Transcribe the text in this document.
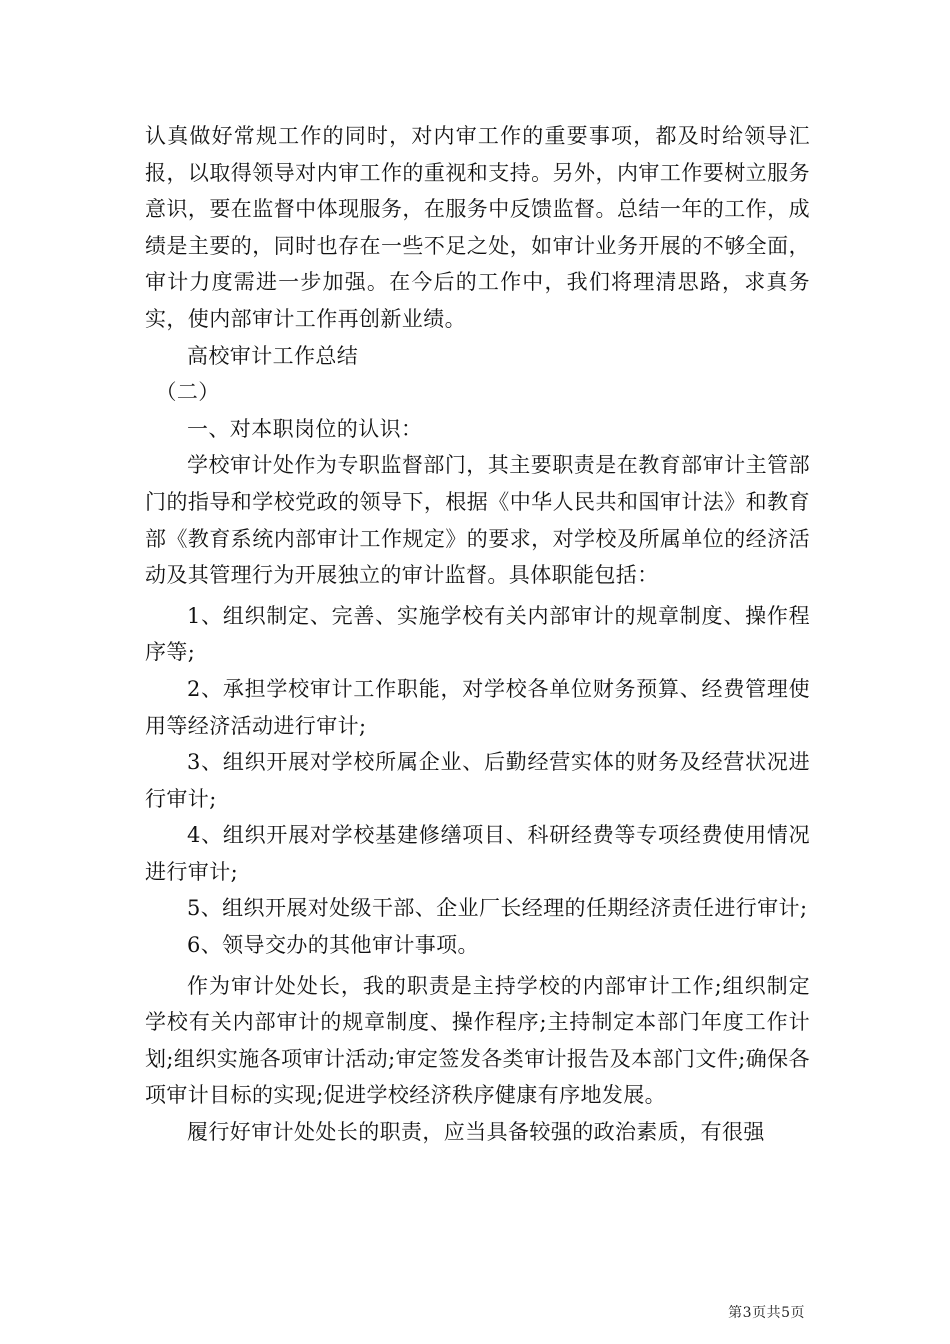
认真做好常规工作的同时，对内审工作的重要事项，都及时给领导汇报，以取得领导对内审工作的重视和支持。另外，内审工作要树立服务意识，要在监督中体现服务，在服务中反馈监督。总结一年的工作，成绩是主要的，同时也存在一些不足之处，如审计业务开展的不够全面，审计力度需进一步加强。在今后的工作中，我们将理清思路，求真务实，使内部审计工作再创新业绩。

高校审计工作总结

（二）

一、对本职岗位的认识：

学校审计处作为专职监督部门，其主要职责是在教育部审计主管部门的指导和学校党政的领导下，根据《中华人民共和国审计法》和教育部《教育系统内部审计工作规定》的要求，对学校及所属单位的经济活动及其管理行为开展独立的审计监督。具体职能包括：

1、组织制定、完善、实施学校有关内部审计的规章制度、操作程序等;

2、承担学校审计工作职能，对学校各单位财务预算、经费管理使用等经济活动进行审计;

3、组织开展对学校所属企业、后勤经营实体的财务及经营状况进行审计;

4、组织开展对学校基建修缮项目、科研经费等专项经费使用情况进行审计;

5、组织开展对处级干部、企业厂长经理的任期经济责任进行审计;

6、领导交办的其他审计事项。

作为审计处处长，我的职责是主持学校的内部审计工作;组织制定学校有关内部审计的规章制度、操作程序;主持制定本部门年度工作计划;组织实施各项审计活动;审定签发各类审计报告及本部门文件;确保各项审计目标的实现;促进学校经济秩序健康有序地发展。

履行好审计处处长的职责，应当具备较强的政治素质，有很强

第3页共5页
